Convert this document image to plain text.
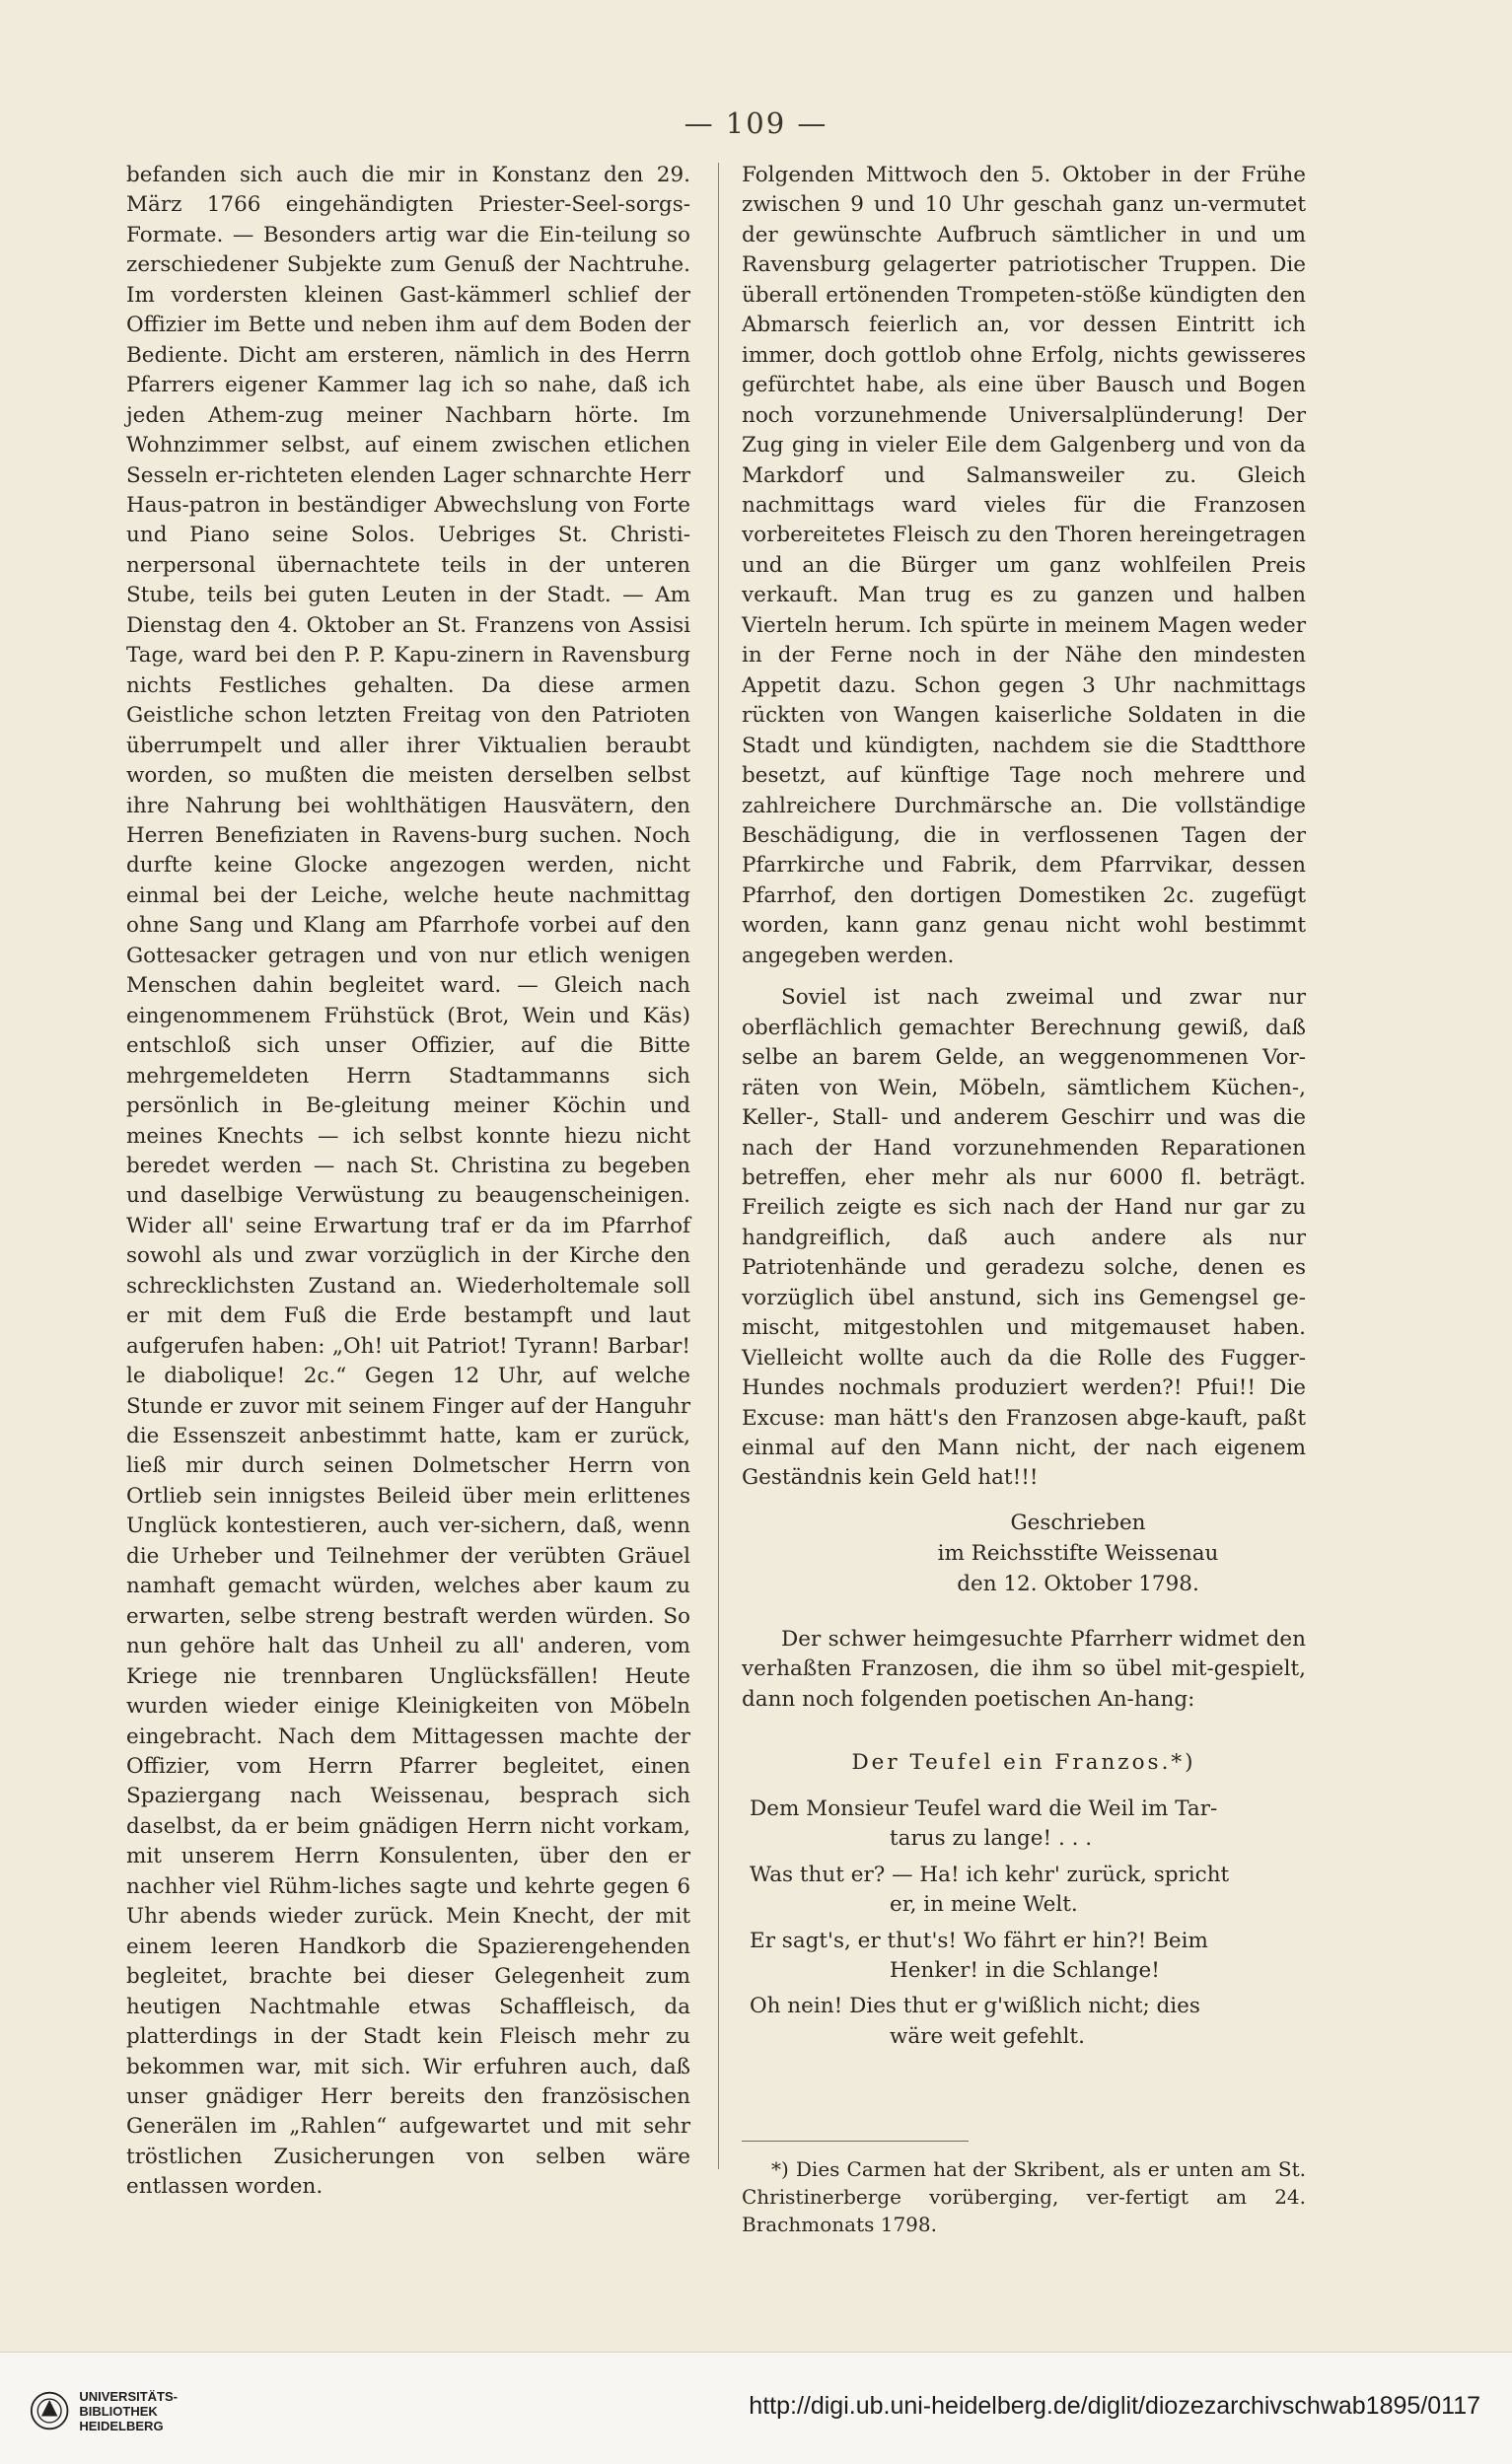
— 109 —

befanden sich auch die mir in Konstanz den 29. März 1766 eingehändigten Priester-Seel-sorgs-Formate. — Besonders artig war die Ein-teilung so zerschiedener Subjekte zum Genuß der Nachtruhe. Im vordersten kleinen Gast-kämmerl schlief der Offizier im Bette und neben ihm auf dem Boden der Bediente. Dicht am ersteren, nämlich in des Herrn Pfarrers eigener Kammer lag ich so nahe, daß ich jeden Athem-zug meiner Nachbarn hörte. Im Wohnzimmer selbst, auf einem zwischen etlichen Sesseln er-richteten elenden Lager schnarchte Herr Haus-patron in beständiger Abwechslung von Forte und Piano seine Solos. Uebriges St. Christi-nerpersonal übernachtete teils in der unteren Stube, teils bei guten Leuten in der Stadt. — Am Dienstag den 4. Oktober an St. Franzens von Assisi Tage, ward bei den P. P. Kapu-zinern in Ravensburg nichts Festliches gehalten. Da diese armen Geistliche schon letzten Freitag von den Patrioten überrumpelt und aller ihrer Viktualien beraubt worden, so mußten die meisten derselben selbst ihre Nahrung bei wohlthätigen Hausvätern, den Herren Benefiziaten in Ravens-burg suchen. Noch durfte keine Glocke angezogen werden, nicht einmal bei der Leiche, welche heute nachmittag ohne Sang und Klang am Pfarrhofe vorbei auf den Gottesacker getragen und von nur etlich wenigen Menschen dahin begleitet ward. — Gleich nach eingenommenem Frühstück (Brot, Wein und Käs) entschloß sich unser Offizier, auf die Bitte mehrgemeldeten Herrn Stadtammanns sich persönlich in Be-gleitung meiner Köchin und meines Knechts — ich selbst konnte hiezu nicht beredet werden — nach St. Christina zu begeben und daselbige Verwüstung zu beaugenscheinigen. Wider all' seine Erwartung traf er da im Pfarrhof sowohl als und zwar vorzüglich in der Kirche den schrecklichsten Zustand an. Wiederholtemale soll er mit dem Fuß die Erde bestampft und laut aufgerufen haben: „Oh! uit Patriot! Tyrann! Barbar! le diabolique! 2c.“ Gegen 12 Uhr, auf welche Stunde er zuvor mit seinem Finger auf der Hanguhr die Essenszeit anbestimmt hatte, kam er zurück, ließ mir durch seinen Dolmetscher Herrn von Ortlieb sein innigstes Beileid über mein erlittenes Unglück kontestieren, auch ver-sichern, daß, wenn die Urheber und Teilnehmer der verübten Gräuel namhaft gemacht würden, welches aber kaum zu erwarten, selbe streng bestraft werden würden. So nun gehöre halt das Unheil zu all' anderen, vom Kriege nie trennbaren Unglücksfällen! Heute wurden wieder einige Kleinigkeiten von Möbeln eingebracht. Nach dem Mittagessen machte der Offizier, vom Herrn Pfarrer begleitet, einen Spaziergang nach Weissenau, besprach sich daselbst, da er beim gnädigen Herrn nicht vorkam, mit unserem Herrn Konsulenten, über den er nachher viel Rühm-liches sagte und kehrte gegen 6 Uhr abends wieder zurück. Mein Knecht, der mit einem leeren Handkorb die Spazierengehenden begleitet, brachte bei dieser Gelegenheit zum heutigen Nachtmahle etwas Schaffleisch, da platterdings in der Stadt kein Fleisch mehr zu bekommen war, mit sich. Wir erfuhren auch, daß unser gnädiger Herr bereits den französischen Generälen im „Rahlen“ aufgewartet und mit sehr tröstlichen Zusicherungen von selben wäre entlassen worden.

Folgenden Mittwoch den 5. Oktober in der Frühe zwischen 9 und 10 Uhr geschah ganz un-vermutet der gewünschte Aufbruch sämtlicher in und um Ravensburg gelagerter patriotischer Truppen. Die überall ertönenden Trompeten-stöße kündigten den Abmarsch feierlich an, vor dessen Eintritt ich immer, doch gottlob ohne Erfolg, nichts gewisseres gefürchtet habe, als eine über Bausch und Bogen noch vorzunehmende Universalplünderung! Der Zug ging in vieler Eile dem Galgenberg und von da Markdorf und Salmansweiler zu. Gleich nachmittags ward vieles für die Franzosen vorbereitetes Fleisch zu den Thoren hereingetragen und an die Bürger um ganz wohlfeilen Preis verkauft. Man trug es zu ganzen und halben Vierteln herum. Ich spürte in meinem Magen weder in der Ferne noch in der Nähe den mindesten Appetit dazu. Schon gegen 3 Uhr nachmittags rückten von Wangen kaiserliche Soldaten in die Stadt und kündigten, nachdem sie die Stadtthore besetzt, auf künftige Tage noch mehrere und zahlreichere Durchmärsche an. Die vollständige Beschädigung, die in verflossenen Tagen der Pfarrkirche und Fabrik, dem Pfarrvikar, dessen Pfarrhof, den dortigen Domestiken 2c. zugefügt worden, kann ganz genau nicht wohl bestimmt angegeben werden.

Soviel ist nach zweimal und zwar nur oberflächlich gemachter Berechnung gewiß, daß selbe an barem Gelde, an weggenommenen Vor-räten von Wein, Möbeln, sämtlichem Küchen-, Keller-, Stall- und anderem Geschirr und was die nach der Hand vorzunehmenden Reparationen betreffen, eher mehr als nur 6000 fl. beträgt. Freilich zeigte es sich nach der Hand nur gar zu handgreiflich, daß auch andere als nur Patriotenhände und geradezu solche, denen es vorzüglich übel anstund, sich ins Gemengsel ge-mischt, mitgestohlen und mitgemauset haben. Vielleicht wollte auch da die Rolle des Fugger-Hundes nochmals produziert werden?! Pfui!! Die Excuse: man hätt's den Franzosen abge-kauft, paßt einmal auf den Mann nicht, der nach eigenem Geständnis kein Geld hat!!!

Geschrieben
im Reichsstifte Weissenau
den 12. Oktober 1798.

Der schwer heimgesuchte Pfarrherr widmet den verhaßten Franzosen, die ihm so übel mit-gespielt, dann noch folgenden poetischen An-hang:

Der Teufel ein Franzos.*)
Dem Monsieur Teufel ward die Weil im Tar-
tarus zu lange! . . .
Was thut er? — Ha! ich kehr' zurück, spricht
er, in meine Welt.
Er sagt's, er thut's! Wo fährt er hin?! Beim
Henker! in die Schlange!
Oh nein! Dies thut er g'wißlich nicht; dies
wäre weit gefehlt.

*) Dies Carmen hat der Skribent, als er unten am St. Christinerberge vorüberging, ver-fertigt am 24. Brachmonats 1798.

UNIVERSITÄTS-
BIBLIOTHEK
HEIDELBERG
http://digi.ub.uni-heidelberg.de/diglit/diozezarchivschwab1895/0117
